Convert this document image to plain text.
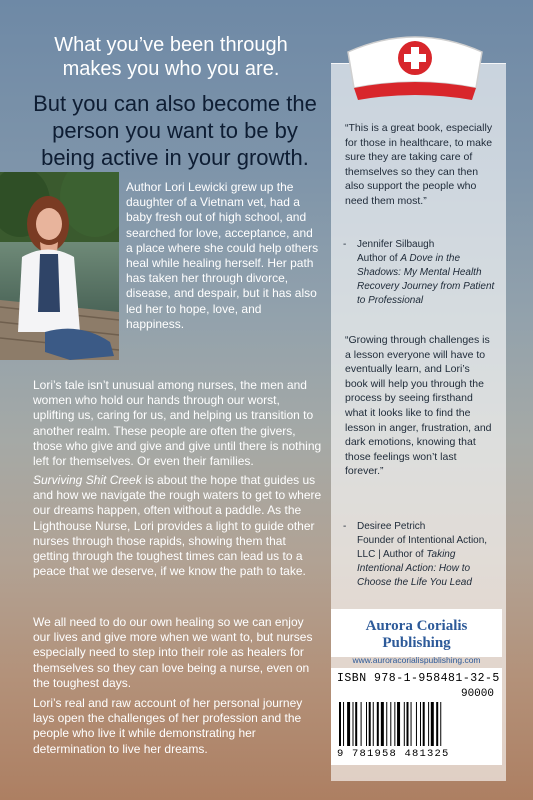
What you’ve been through makes you who you are.
But you can also become the person you want to be by being active in your growth.
Author Lori Lewicki grew up the daughter of a Vietnam vet, had a baby fresh out of high school, and searched for love, acceptance, and a place where she could help others heal while healing herself. Her path has taken her through divorce, disease, and despair, but it has also led her to hope, love, and happiness.
Lori’s tale isn’t unusual among nurses, the men and women who hold our hands through our worst, uplifting us, caring for us, and helping us transition to another realm. These people are often the givers, those who give and give and give until there is nothing left for themselves. Or even their families.
Surviving Shit Creek is about the hope that guides us and how we navigate the rough waters to get to where our dreams happen, often without a paddle. As the Lighthouse Nurse, Lori provides a light to guide other nurses through those rapids, showing them that getting through the toughest times can lead us to a peace that we deserve, if we know the path to take.
We all need to do our own healing so we can enjoy our lives and give more when we want to, but nurses especially need to step into their role as healers for themselves so they can love being a nurse, even on the toughest days.
Lori’s real and raw account of her personal journey lays open the challenges of her profession and the people who live it while demonstrating her determination to live her dreams.
“This is a great book, especially for those in healthcare, to make sure they are taking care of themselves so they can then also support the people who need them most.”
- Jennifer Silbaugh
Author of A Dove in the Shadows: My Mental Health Recovery Journey from Patient to Professional
“Growing through challenges is a lesson everyone will have to eventually learn, and Lori’s book will help you through the process by seeing firsthand what it looks like to find the lesson in anger, frustration, and dark emotions, knowing that those feelings won’t last forever.”
- Desiree Petrich
Founder of Intentional Action, LLC | Author of Taking Intentional Action: How to Choose the Life You Lead
Aurora Corialis Publishing
www.auroracorialispublishing.com
ISBN 978-1-958481-32-5
90000
9 781958 481325
